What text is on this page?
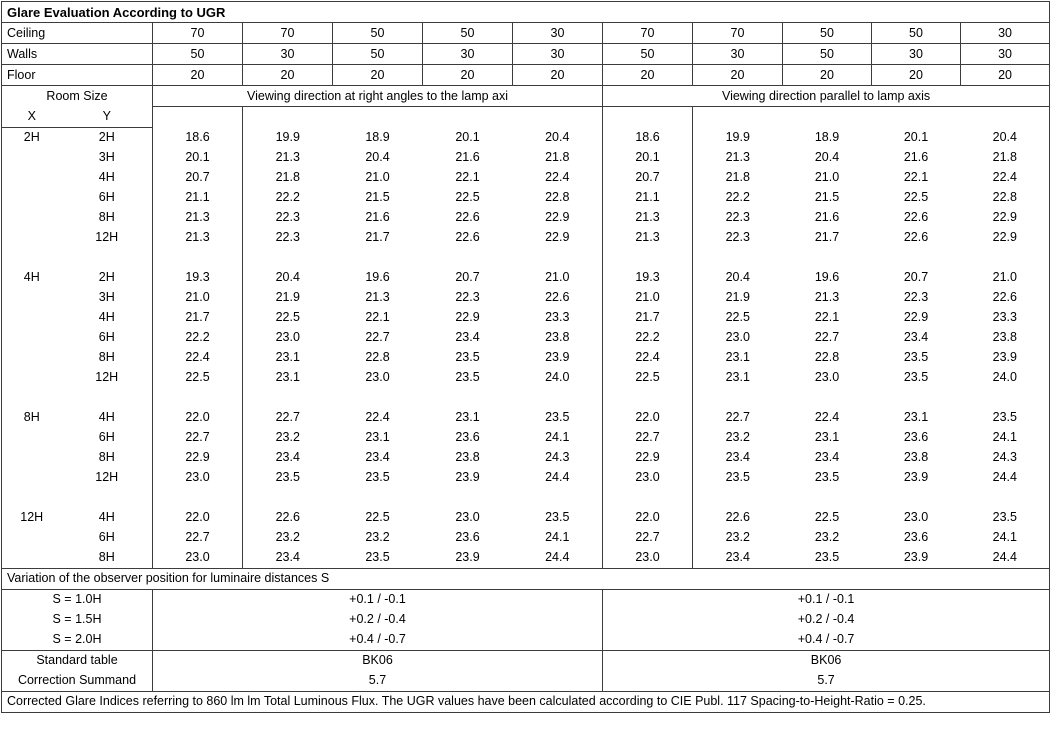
Glare Evaluation According to UGR											
Ceiling		70	70	50	50	30	70	70	50	50	30
Walls		50	30	50	30	30	50	30	50	30	30
Floor		20	20	20	20	20	20	20	20	20	20
Room Size		Viewing direction at right angles to the lamp axi					Viewing direction parallel to lamp axis				
X	Y										
2H	2H	18.6	19.9	18.9	20.1	20.4	18.6	19.9	18.9	20.1	20.4
	3H	20.1	21.3	20.4	21.6	21.8	20.1	21.3	20.4	21.6	21.8
	4H	20.7	21.8	21.0	22.1	22.4	20.7	21.8	21.0	22.1	22.4
	6H	21.1	22.2	21.5	22.5	22.8	21.1	22.2	21.5	22.5	22.8
	8H	21.3	22.3	21.6	22.6	22.9	21.3	22.3	21.6	22.6	22.9
	12H	21.3	22.3	21.7	22.6	22.9	21.3	22.3	21.7	22.6	22.9

4H	2H	19.3	20.4	19.6	20.7	21.0	19.3	20.4	19.6	20.7	21.0
	3H	21.0	21.9	21.3	22.3	22.6	21.0	21.9	21.3	22.3	22.6
	4H	21.7	22.5	22.1	22.9	23.3	21.7	22.5	22.1	22.9	23.3
	6H	22.2	23.0	22.7	23.4	23.8	22.2	23.0	22.7	23.4	23.8
	8H	22.4	23.1	22.8	23.5	23.9	22.4	23.1	22.8	23.5	23.9
	12H	22.5	23.1	23.0	23.5	24.0	22.5	23.1	23.0	23.5	24.0

8H	4H	22.0	22.7	22.4	23.1	23.5	22.0	22.7	22.4	23.1	23.5
	6H	22.7	23.2	23.1	23.6	24.1	22.7	23.2	23.1	23.6	24.1
	8H	22.9	23.4	23.4	23.8	24.3	22.9	23.4	23.4	23.8	24.3
	12H	23.0	23.5	23.5	23.9	24.4	23.0	23.5	23.5	23.9	24.4

12H	4H	22.0	22.6	22.5	23.0	23.5	22.0	22.6	22.5	23.0	23.5
	6H	22.7	23.2	23.2	23.6	24.1	22.7	23.2	23.2	23.6	24.1
	8H	23.0	23.4	23.5	23.9	24.4	23.0	23.4	23.5	23.9	24.4
Variation of the observer position for luminaire distances S											
S = 1.0H		+0.1 / -0.1					+0.1 / -0.1				
S = 1.5H		+0.2 / -0.4					+0.2 / -0.4				
S = 2.0H		+0.4 / -0.7					+0.4 / -0.7				
Standard table		BK06					BK06				
Correction Summand		5.7					5.7				
Corrected Glare Indices referring to 860 lm lm Total Luminous Flux. The UGR values have been calculated according to CIE Publ. 117 Spacing-to-Height-Ratio = 0.25.											
